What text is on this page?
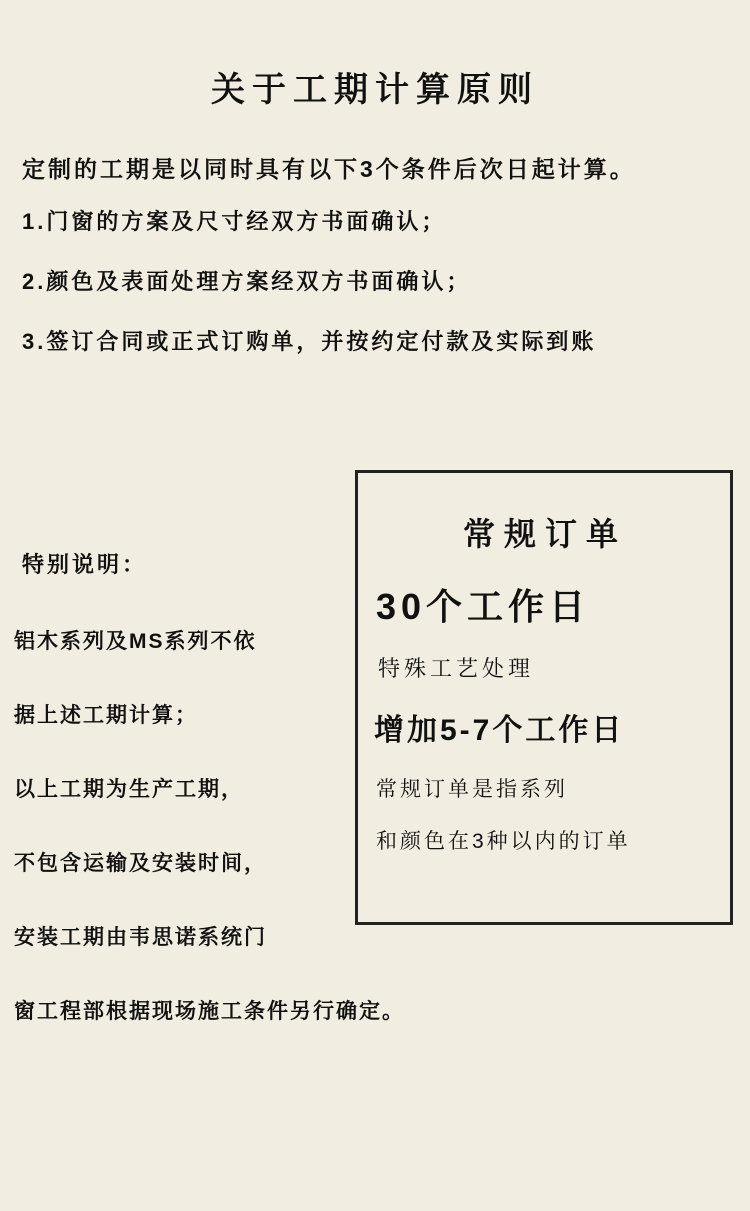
关于工期计算原则

定制的工期是以同时具有以下3个条件后次日起计算。

1.门窗的方案及尺寸经双方书面确认；

2.颜色及表面处理方案经双方书面确认；

3.签订合同或正式订购单，并按约定付款及实际到账

特别说明：
铝木系列及MS系列不依
据上述工期计算；
以上工期为生产工期，
不包含运输及安装时间，
安装工期由韦思诺系统门
窗工程部根据现场施工条件另行确定。
常规订单
30个工作日
特殊工艺处理
增加5-7个工作日
常规订单是指系列
和颜色在3种以内的订单
